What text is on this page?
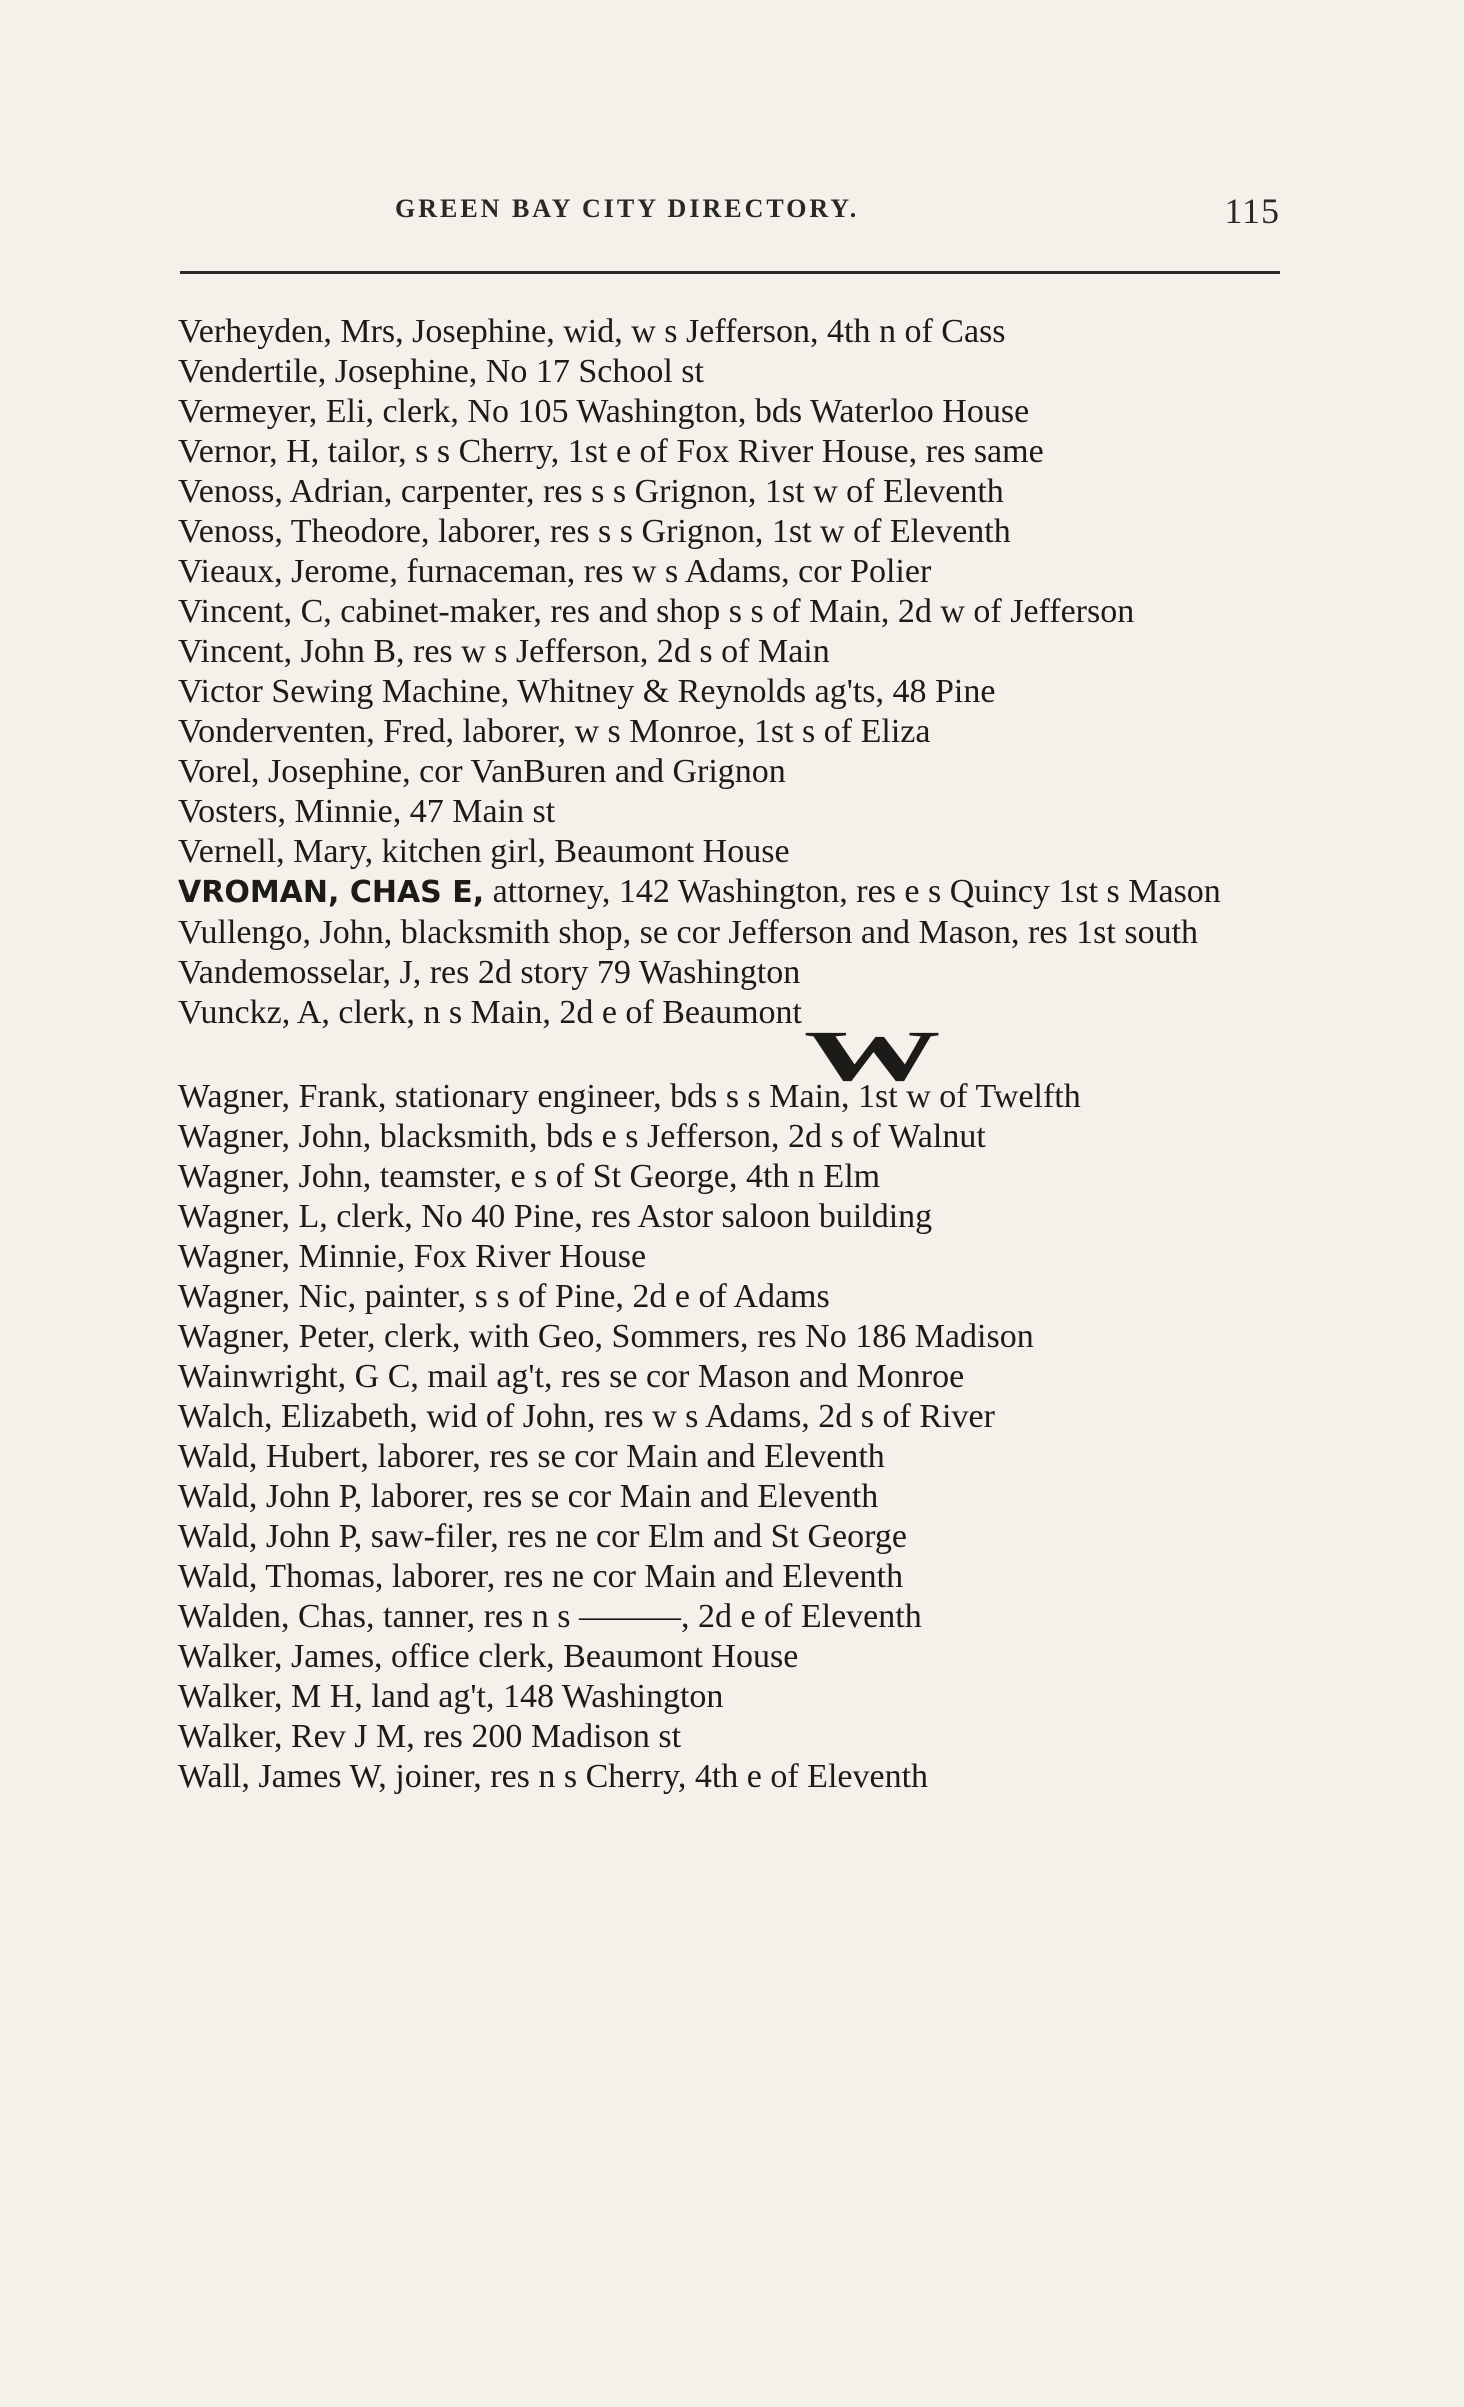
GREEN BAY CITY DIRECTORY.	115
Verheyden, Mrs, Josephine, wid, w s Jefferson, 4th n of Cass
Vendertile, Josephine, No 17 School st
Vermeyer, Eli, clerk, No 105 Washington, bds Waterloo House
Vernor, H, tailor, s s Cherry, 1st e of Fox River House, res same
Venoss, Adrian, carpenter, res s s Grignon, 1st w of Eleventh
Venoss, Theodore, laborer, res s s Grignon, 1st w of Eleventh
Vieaux, Jerome, furnaceman, res w s Adams, cor Polier
Vincent, C, cabinet-maker, res and shop s s of Main, 2d w of Jefferson
Vincent, John B, res w s Jefferson, 2d s of Main
Victor Sewing Machine, Whitney & Reynolds ag'ts, 48 Pine
Vonderventen, Fred, laborer, w s Monroe, 1st s of Eliza
Vorel, Josephine, cor VanBuren and Grignon
Vosters, Minnie, 47 Main st
Vernell, Mary, kitchen girl, Beaumont House
VROMAN, CHAS E, attorney, 142 Washington, res e s Quincy 1st s Mason
Vullengo, John, blacksmith shop, se cor Jefferson and Mason, res 1st south
Vandemosselar, J, res 2d story 79 Washington
Vunckz, A, clerk, n s Main, 2d e of Beaumont
W
Wagner, Frank, stationary engineer, bds s s Main, 1st w of Twelfth
Wagner, John, blacksmith, bds e s Jefferson, 2d s of Walnut
Wagner, John, teamster, e s of St George, 4th n Elm
Wagner, L, clerk, No 40 Pine, res Astor saloon building
Wagner, Minnie, Fox River House
Wagner, Nic, painter, s s of Pine, 2d e of Adams
Wagner, Peter, clerk, with Geo, Sommers, res No 186 Madison
Wainwright, G C, mail ag't, res se cor Mason and Monroe
Walch, Elizabeth, wid of John, res w s Adams, 2d s of River
Wald, Hubert, laborer, res se cor Main and Eleventh
Wald, John P, laborer, res se cor Main and Eleventh
Wald, John P, saw-filer, res ne cor Elm and St George
Wald, Thomas, laborer, res ne cor Main and Eleventh
Walden, Chas, tanner, res n s ———, 2d e of Eleventh
Walker, James, office clerk, Beaumont House
Walker, M H, land ag't, 148 Washington
Walker, Rev J M, res 200 Madison st
Wall, James W, joiner, res n s Cherry, 4th e of Eleventh
